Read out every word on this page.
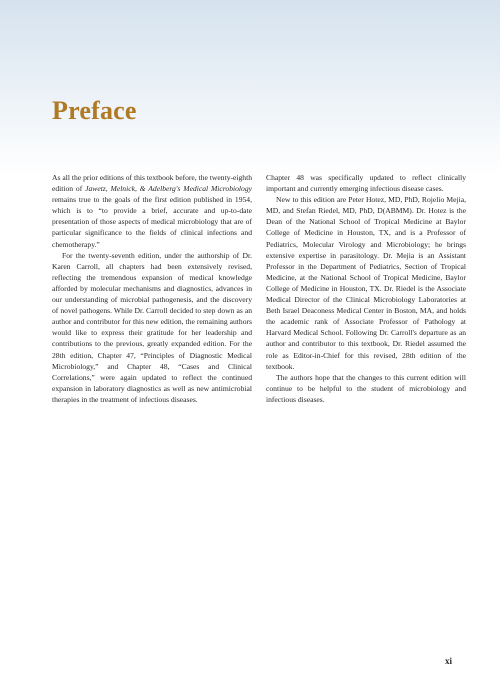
Preface

As all the prior editions of this textbook before, the twenty-eighth edition of Jawetz, Melnick, & Adelberg's Medical Microbiology remains true to the goals of the first edition published in 1954, which is to “to provide a brief, accurate and up-to-date presentation of those aspects of medical microbiology that are of particular significance to the fields of clinical infections and chemotherapy.”

For the twenty-seventh edition, under the authorship of Dr. Karen Carroll, all chapters had been extensively revised, reflecting the tremendous expansion of medical knowledge afforded by molecular mechanisms and diagnostics, advances in our understanding of microbial pathogenesis, and the discovery of novel pathogens. While Dr. Carroll decided to step down as an author and contributor for this new edition, the remaining authors would like to express their gratitude for her leadership and contributions to the previous, greatly expanded edition. For the 28th edition, Chapter 47, “Principles of Diagnostic Medical Microbiology,” and Chapter 48, “Cases and Clinical Correlations,” were again updated to reflect the continued expansion in laboratory diagnostics as well as new antimicrobial therapies in the treatment of infectious diseases.

Chapter 48 was specifically updated to reflect clinically important and currently emerging infectious disease cases.

New to this edition are Peter Hotez, MD, PhD, Rojelio Mejia, MD, and Stefan Riedel, MD, PhD, D(ABMM). Dr. Hotez is the Dean of the National School of Tropical Medicine at Baylor College of Medicine in Houston, TX, and is a Professor of Pediatrics, Molecular Virology and Microbiology; he brings extensive expertise in parasitology. Dr. Mejia is an Assistant Professor in the Department of Pediatrics, Section of Tropical Medicine, at the National School of Tropical Medicine, Baylor College of Medicine in Houston, TX. Dr. Riedel is the Associate Medical Director of the Clinical Microbiology Laboratories at Beth Israel Deaconess Medical Center in Boston, MA, and holds the academic rank of Associate Professor of Pathology at Harvard Medical School. Following Dr. Carroll's departure as an author and contributor to this textbook, Dr. Riedel assumed the role as Editor-in-Chief for this revised, 28th edition of the textbook.

The authors hope that the changes to this current edition will continue to be helpful to the student of microbiology and infectious diseases.

xi
